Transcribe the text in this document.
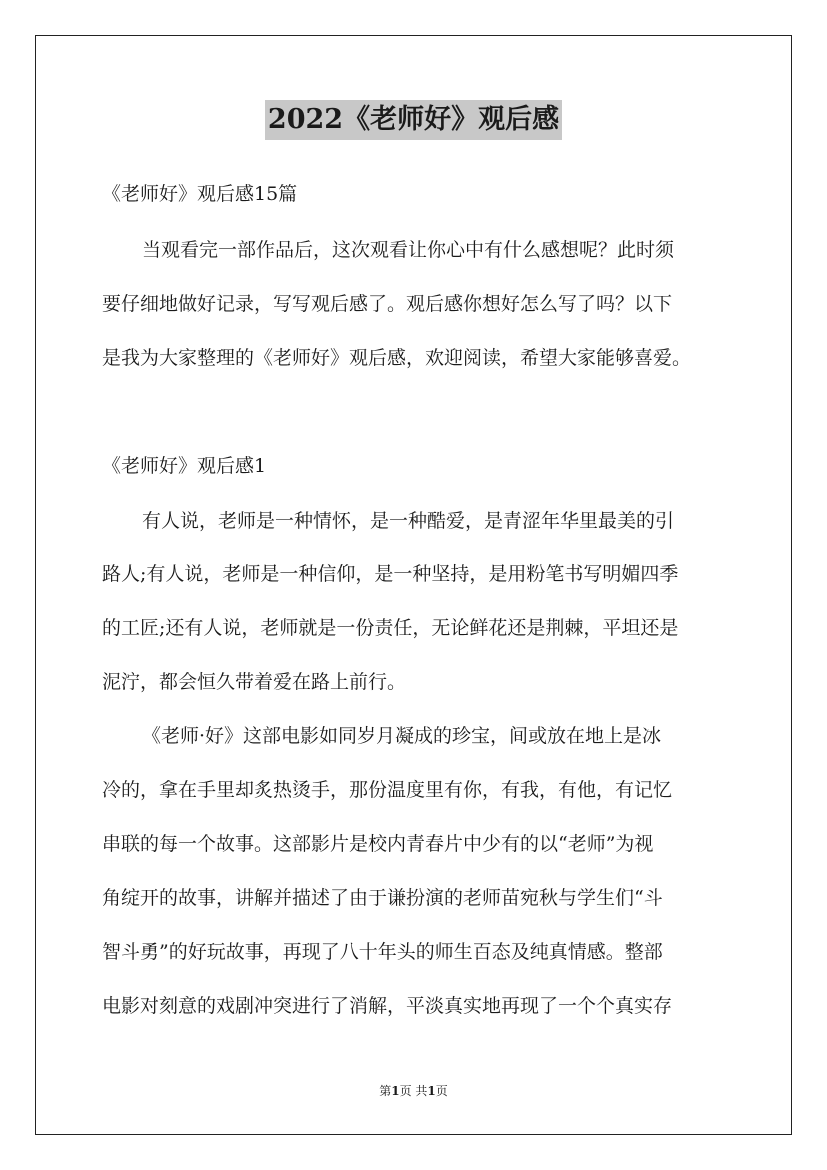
2022《老师好》观后感
《老师好》观后感15篇
当观看完一部作品后，这次观看让你心中有什么感想呢？此时须
要仔细地做好记录，写写观后感了。观后感你想好怎么写了吗？以下
是我为大家整理的《老师好》观后感，欢迎阅读，希望大家能够喜爱。
《老师好》观后感1
有人说，老师是一种情怀，是一种酷爱，是青涩年华里最美的引
路人;有人说，老师是一种信仰，是一种坚持，是用粉笔书写明媚四季
的工匠;还有人说，老师就是一份责任，无论鲜花还是荆棘，平坦还是
泥泞，都会恒久带着爱在路上前行。
《老师·好》这部电影如同岁月凝成的珍宝，间或放在地上是冰
冷的，拿在手里却炙热烫手，那份温度里有你，有我，有他，有记忆
串联的每一个故事。这部影片是校内青春片中少有的以“老师”为视
角绽开的故事，讲解并描述了由于谦扮演的老师苗宛秋与学生们“斗
智斗勇”的好玩故事，再现了八十年头的师生百态及纯真情感。整部
电影对刻意的戏剧冲突进行了消解，平淡真实地再现了一个个真实存
第1页 共1页
